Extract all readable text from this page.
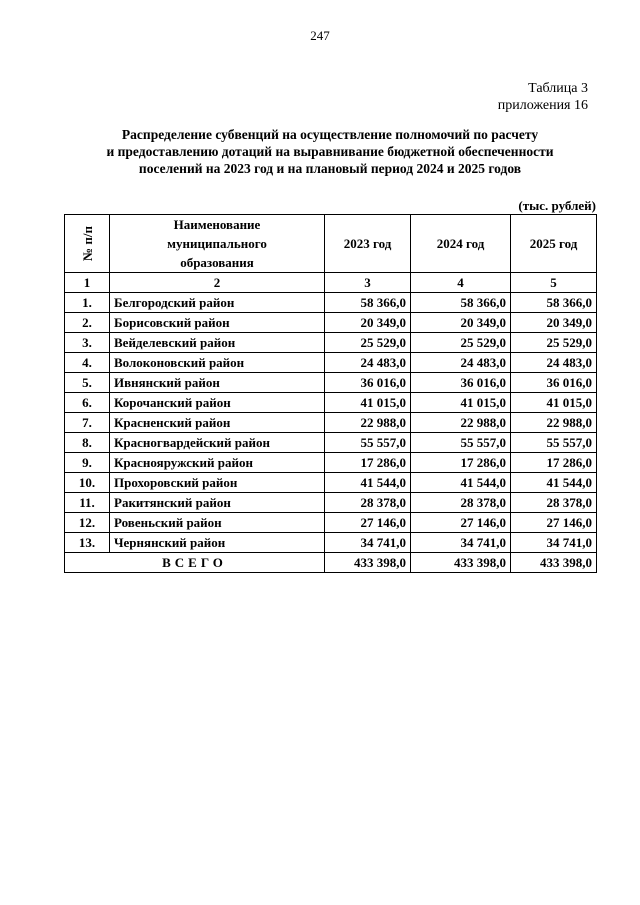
247
Таблица 3
приложения 16
Распределение субвенций на осуществление полномочий по расчету
и предоставлению дотаций на выравнивание бюджетной обеспеченности
поселений на 2023 год и на плановый период 2024 и 2025 годов
(тыс. рублей)
№ п/п	Наименование
муниципального
образования	2023 год	2024 год	2025 год
1	2	3	4	5
1.	Белгородский район	58 366,0	58 366,0	58 366,0
2.	Борисовский район	20 349,0	20 349,0	20 349,0
3.	Вейделевский район	25 529,0	25 529,0	25 529,0
4.	Волоконовский район	24 483,0	24 483,0	24 483,0
5.	Ивнянский район	36 016,0	36 016,0	36 016,0
6.	Корочанский район	41 015,0	41 015,0	41 015,0
7.	Красненский район	22 988,0	22 988,0	22 988,0
8.	Красногвардейский район	55 557,0	55 557,0	55 557,0
9.	Краснояружский район	17 286,0	17 286,0	17 286,0
10.	Прохоровский район	41 544,0	41 544,0	41 544,0
11.	Ракитянский район	28 378,0	28 378,0	28 378,0
12.	Ровеньский район	27 146,0	27 146,0	27 146,0
13.	Чернянский район	34 741,0	34 741,0	34 741,0
ВСЕГО		433 398,0	433 398,0	433 398,0
